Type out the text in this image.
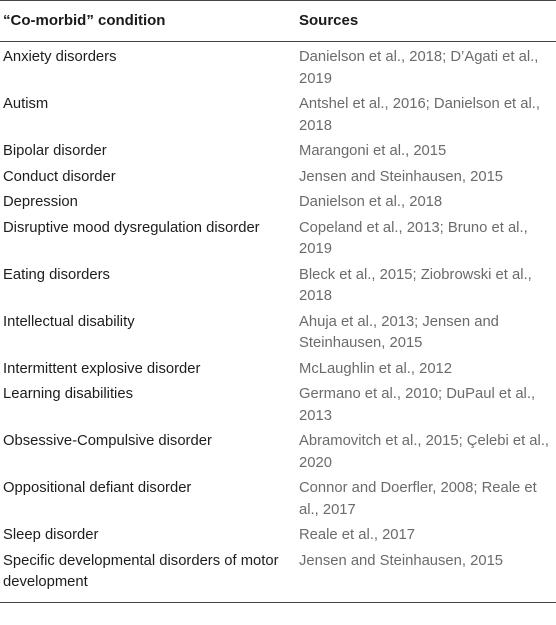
“Co-morbid” condition	Sources
Anxiety disorders	Danielson et al., 2018; D’Agati et al., 2019
Autism	Antshel et al., 2016; Danielson et al., 2018
Bipolar disorder	Marangoni et al., 2015
Conduct disorder	Jensen and Steinhausen, 2015
Depression	Danielson et al., 2018
Disruptive mood dysregulation disorder	Copeland et al., 2013; Bruno et al., 2019
Eating disorders	Bleck et al., 2015; Ziobrowski et al., 2018
Intellectual disability	Ahuja et al., 2013; Jensen and Steinhausen, 2015
Intermittent explosive disorder	McLaughlin et al., 2012
Learning disabilities	Germano et al., 2010; DuPaul et al., 2013
Obsessive-Compulsive disorder	Abramovitch et al., 2015; Çelebi et al., 2020
Oppositional defiant disorder	Connor and Doerfler, 2008; Reale et al., 2017
Sleep disorder	Reale et al., 2017
Specific developmental disorders of motor development	Jensen and Steinhausen, 2015
